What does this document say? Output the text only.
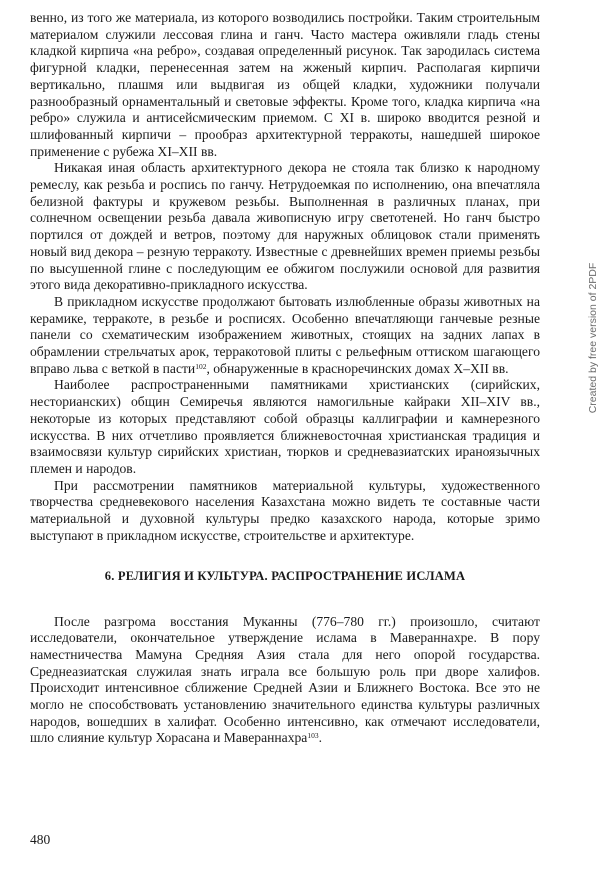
венно, из того же материала, из которого возводились постройки. Таким строительным материалом служили лессовая глина и ганч. Часто мастера оживляли гладь стены кладкой кирпича «на ребро», создавая определенный рисунок. Так зародилась система фигурной кладки, перенесенная затем на жженый кирпич. Располагая кирпичи вертикально, плашмя или выдвигая из общей кладки, художники получали разнообразный орнаментальный и световые эффекты. Кроме того, кладка кирпича «на ребро» служила и антисейсмическим приемом. С XI в. широко вводится резной и шлифованный кирпичи – прообраз архитектурной терракоты, нашедшей широкое применение с рубежа XI–XII вв.

Никакая иная область архитектурного декора не стояла так близко к народному ремеслу, как резьба и роспись по ганчу. Нетрудоемкая по исполнению, она впечатляла белизной фактуры и кружевом резьбы. Выполненная в различных планах, при солнечном освещении резьба давала живописную игру светотеней. Но ганч быстро портился от дождей и ветров, поэтому для наружных облицовок стали применять новый вид декора – резную терракоту. Известные с древнейших времен приемы резьбы по высушенной глине с последующим ее обжигом послужили основой для развития этого вида декоративно-прикладного искусства.

В прикладном искусстве продолжают бытовать излюбленные образы животных на керамике, терракоте, в резьбе и росписях. Особенно впечатляющи ганчевые резные панели со схематическим изображением животных, стоящих на задних лапах в обрамлении стрельчатых арок, терракотовой плиты с рельефным оттиском шагающего вправо льва с веткой в пасти$^{102}$, обнаруженные в красноречинских домах X–XII вв.

Наиболее распространенными памятниками христианских (сирийских, несторианских) общин Семиречья являются намогильные кайраки XII–XIV вв., некоторые из которых представляют собой образцы каллиграфии и камнерезного искусства. В них отчетливо проявляется ближневосточная христианская традиция и взаимосвязи культур сирийских христиан, тюрков и средневазиатских ираноязычных племен и народов.

При рассмотрении памятников материальной культуры, художественного творчества средневекового населения Казахстана можно видеть те составные части материальной и духовной культуры предко казахского народа, которые зримо выступают в прикладном искусстве, строительстве и архитектуре.

6. РЕЛИГИЯ И КУЛЬТУРА. РАСПРОСТРАНЕНИЕ ИСЛАМА

После разгрома восстания Муканны (776–780 гг.) произошло, считают исследователи, окончательное утверждение ислама в Мавераннахре. В пору наместничества Мамуна Средняя Азия стала для него опорой государства. Среднеазиатская служилая знать играла все большую роль при дворе халифов. Происходит интенсивное сближение Средней Азии и Ближнего Востока. Все это не могло не способствовать установлению значительного единства культуры различных народов, вошедших в халифат. Особенно интенсивно, как отмечают исследователи, шло слияние культур Хорасана и Мавераннахра$^{103}$.

480
Created by free version of 2PDF
